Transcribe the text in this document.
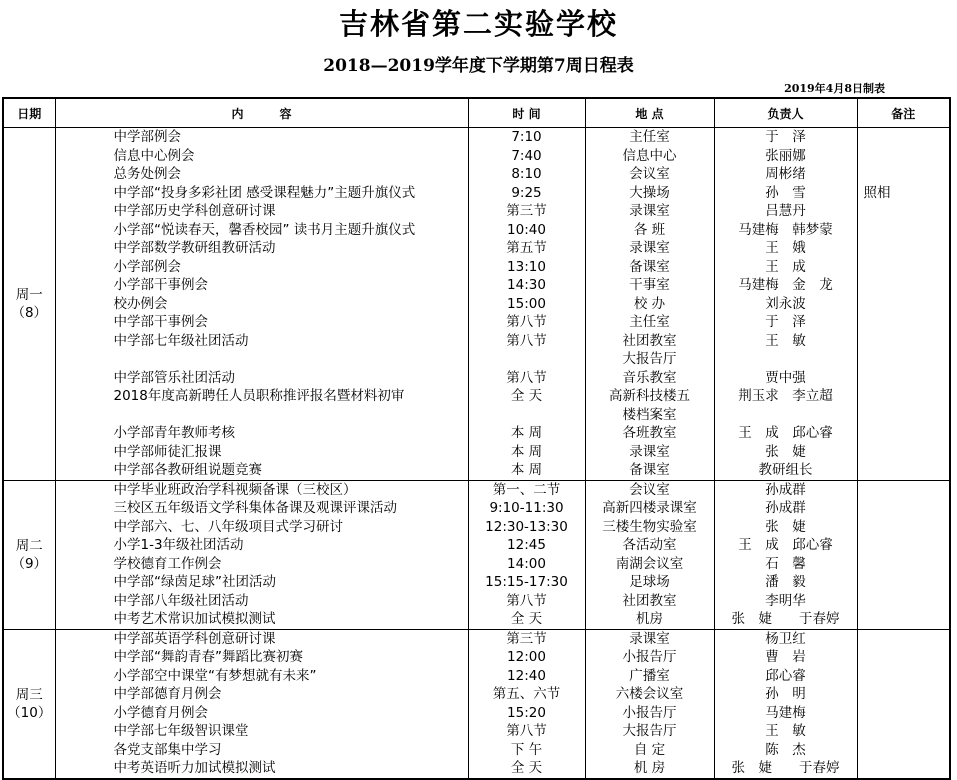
吉林省第二实验学校
2018—2019学年度下学期第7周日程表
2019年4月8日制表
日期	内　　　容	时 间	地 点	负责人	备注

周一
（8）	中学部例会	7:10	主任室	于　泽	
	信息中心例会	7:40	信息中心	张丽娜	
	总务处例会	8:10	会议室	周彬绪	
	中学部“投身多彩社团 感受课程魅力”主题升旗仪式	9:25	大操场	孙　雪	照相
	中学部历史学科创意研讨课	第三节	录课室	吕慧丹	
	小学部“悦读春天，馨香校园” 读书月主题升旗仪式	10:40	各 班	马建梅　韩梦蒙	
	中学部数学教研组教研活动	第五节	录课室	王　娥	
	小学部例会	13:10	备课室	王　成	
	小学部干事例会	14:30	干事室	马建梅　金　龙	
	校办例会	15:00	校 办	刘永波	
	中学部干事例会	第八节	主任室	于　泽	
	中学部七年级社团活动	第八节	社团教室	王　敏	
			大报告厅		
	中学部管乐社团活动	第八节	音乐教室	贾中强	
	2018年度高新聘任人员职称推评报名暨材料初审	全 天	高新科技楼五	荆玉求　李立超	
			楼档案室		
	小学部青年教师考核	本 周	各班教室	王　成　邱心睿	
	中学部师徒汇报课	本 周	录课室	张　婕	
	中学部各教研组说题竞赛	本 周	备课室	教研组长	

周二
（9）	中学毕业班政治学科视频备课（三校区）	第一、二节	会议室	孙成群	
	三校区五年级语文学科集体备课及观课评课活动	9:10-11:30	高新四楼录课室	孙成群	
	中学部六、七、八年级项目式学习研讨	12:30-13:30	三楼生物实验室	张　婕	
	小学1-3年级社团活动	12:45	各活动室	王　成　邱心睿	
	学校德育工作例会	14:00	南湖会议室	石　馨	
	中学部“绿茵足球”社团活动	15:15-17:30	足球场	潘　毅	
	中学部八年级社团活动	第八节	社团教室	李明华	
	中考艺术常识加试模拟测试	全 天	机房	张　婕　　于春婷	

周三
（10）	中学部英语学科创意研讨课	第三节	录课室	杨卫红	
	中学部“舞韵青春”舞蹈比赛初赛	12:00	小报告厅	曹　岩	
	小学部空中课堂“有梦想就有未来”	12:40	广播室	邱心睿	
	中学部德育月例会	第五、六节	六楼会议室	孙　明	
	小学德育月例会	15:20	小报告厅	马建梅	
	中学部七年级智识课堂	第八节	大报告厅	王　敏	
	各党支部集中学习	下 午	自 定	陈　杰	
	中考英语听力加试模拟测试	全 天	机 房	张　婕　　于春婷	
